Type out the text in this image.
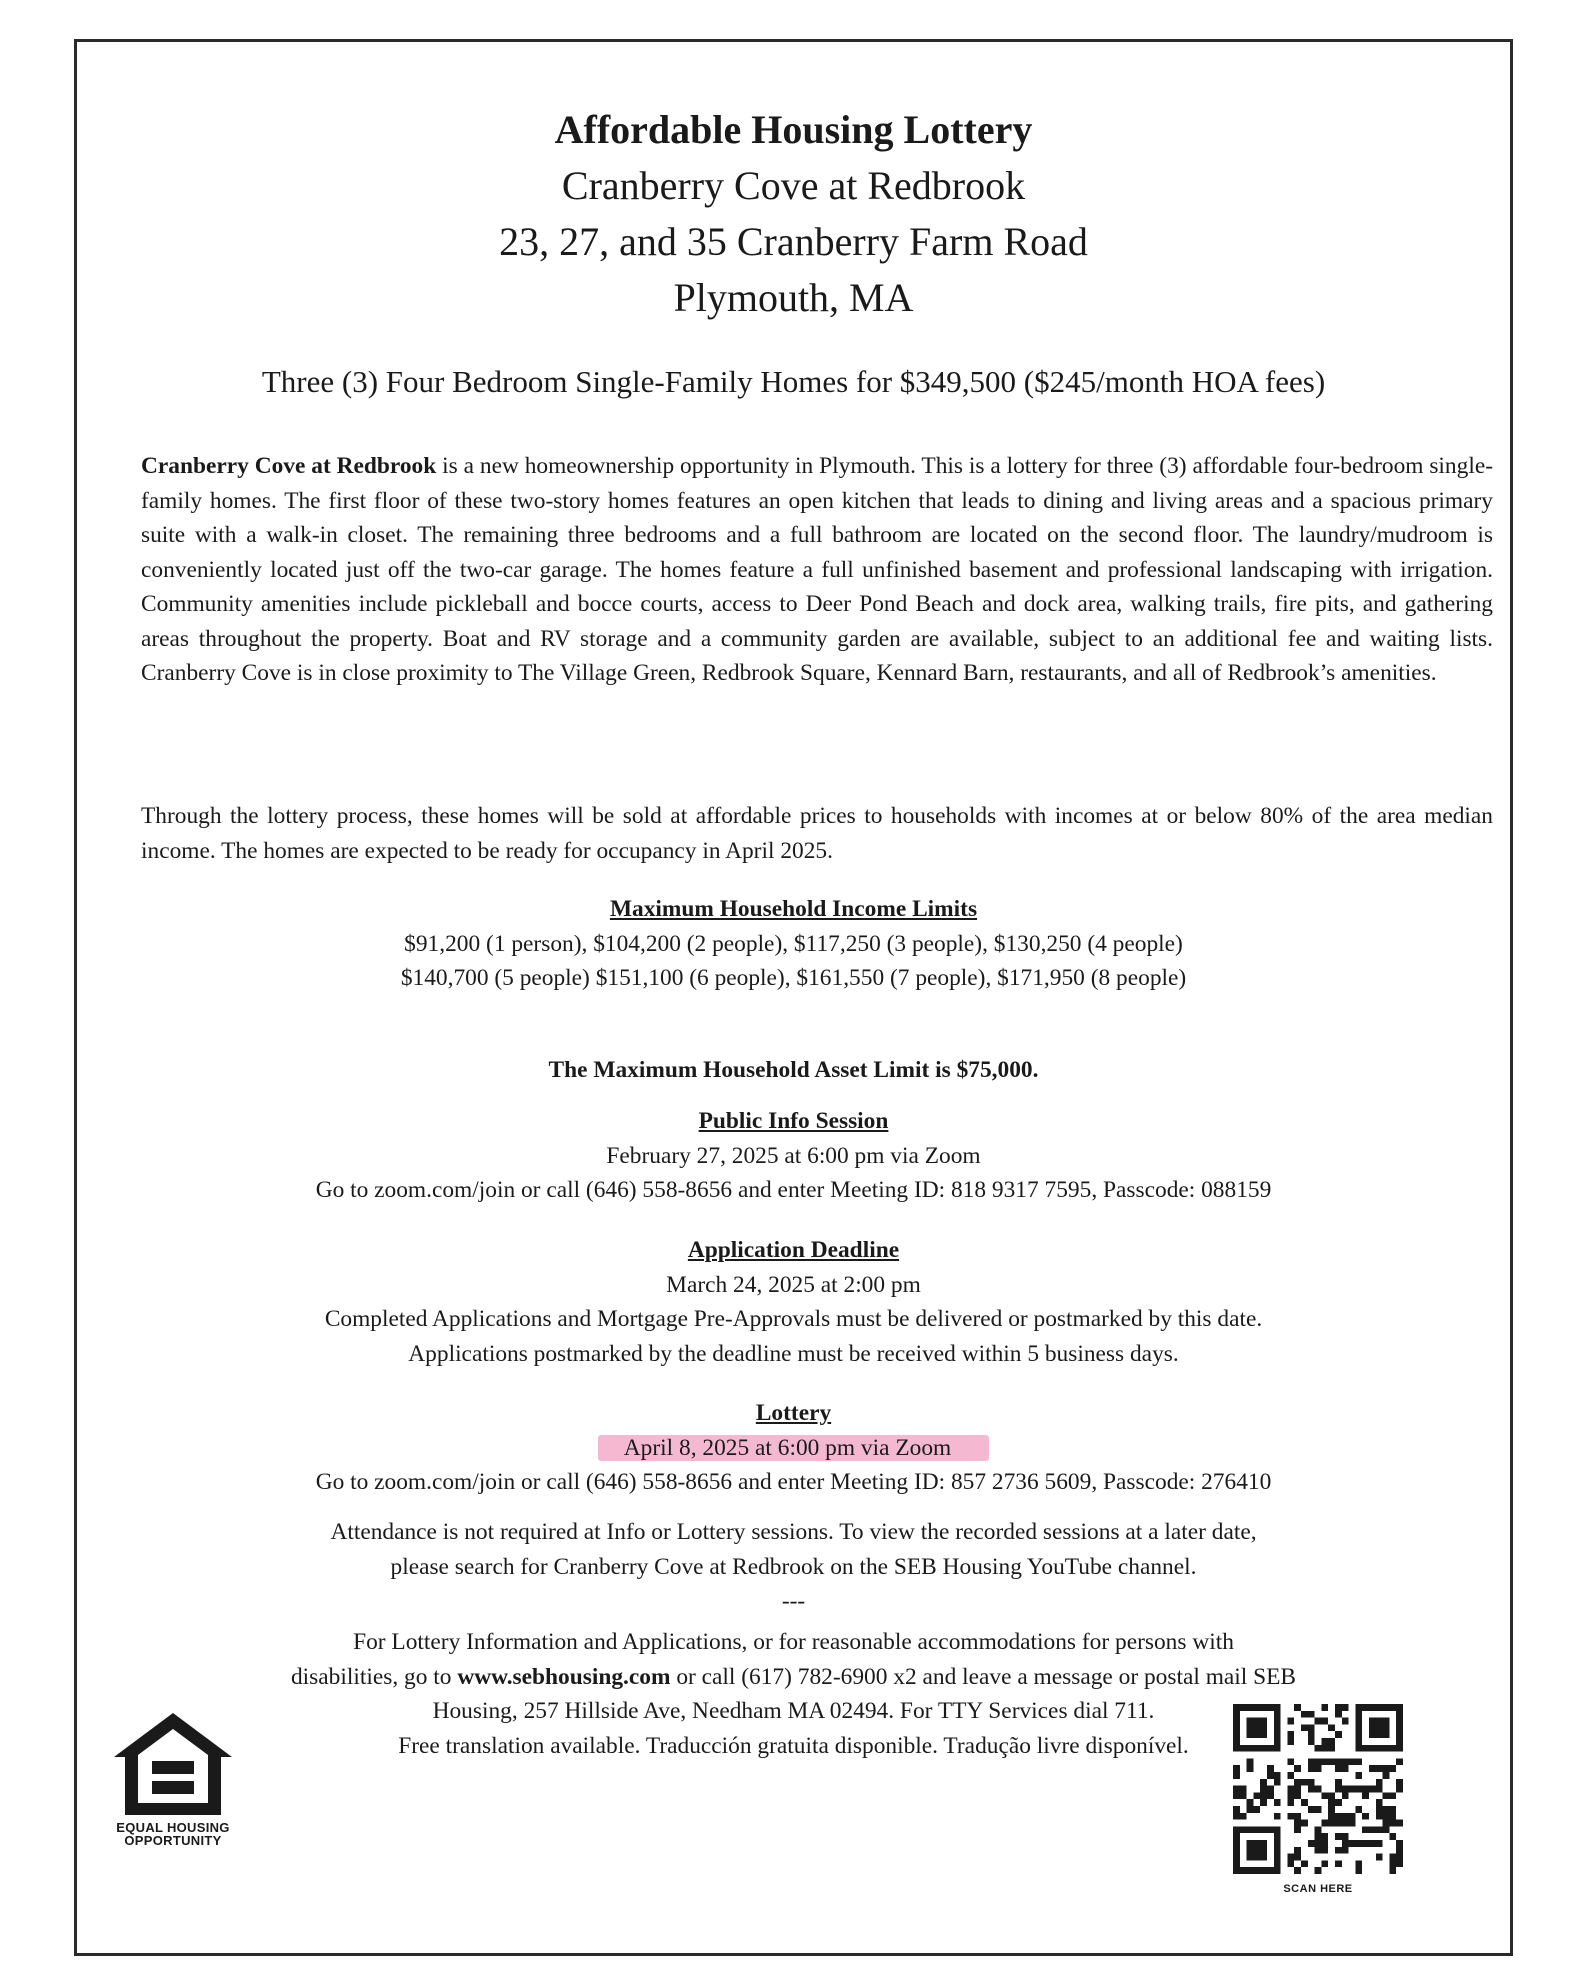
Affordable Housing Lottery
Cranberry Cove at Redbrook
23, 27, and 35 Cranberry Farm Road
Plymouth, MA
Three (3) Four Bedroom Single-Family Homes for $349,500 ($245/month HOA fees)
Cranberry Cove at Redbrook is a new homeownership opportunity in Plymouth. This is a lottery for three (3) affordable four-bedroom single-family homes. The first floor of these two-story homes features an open kitchen that leads to dining and living areas and a spacious primary suite with a walk-in closet. The remaining three bedrooms and a full bathroom are located on the second floor. The laundry/mudroom is conveniently located just off the two-car garage. The homes feature a full unfinished basement and professional landscaping with irrigation. Community amenities include pickleball and bocce courts, access to Deer Pond Beach and dock area, walking trails, fire pits, and gathering areas throughout the property. Boat and RV storage and a community garden are available, subject to an additional fee and waiting lists. Cranberry Cove is in close proximity to The Village Green, Redbrook Square, Kennard Barn, restaurants, and all of Redbrook’s amenities.
Through the lottery process, these homes will be sold at affordable prices to households with incomes at or below 80% of the area median income. The homes are expected to be ready for occupancy in April 2025.
Maximum Household Income Limits
$91,200 (1 person), $104,200 (2 people), $117,250 (3 people), $130,250 (4 people)
$140,700 (5 people) $151,100 (6 people), $161,550 (7 people), $171,950 (8 people)
The Maximum Household Asset Limit is $75,000.
Public Info Session
February 27, 2025 at 6:00 pm via Zoom
Go to zoom.com/join or call (646) 558-8656 and enter Meeting ID: 818 9317 7595, Passcode: 088159
Application Deadline
March 24, 2025 at 2:00 pm
Completed Applications and Mortgage Pre-Approvals must be delivered or postmarked by this date.
Applications postmarked by the deadline must be received within 5 business days.
Lottery
April 8, 2025 at 6:00 pm via Zoom
Go to zoom.com/join or call (646) 558-8656 and enter Meeting ID: 857 2736 5609, Passcode: 276410
Attendance is not required at Info or Lottery sessions. To view the recorded sessions at a later date,
please search for Cranberry Cove at Redbrook on the SEB Housing YouTube channel.
---
For Lottery Information and Applications, or for reasonable accommodations for persons with
disabilities, go to www.sebhousing.com or call (617) 782-6900 x2 and leave a message or postal mail SEB
Housing, 257 Hillside Ave, Needham MA 02494. For TTY Services dial 711.
Free translation available. Traducción gratuita disponible. Tradução livre disponível.
EQUAL HOUSING
OPPORTUNITY
SCAN HERE
